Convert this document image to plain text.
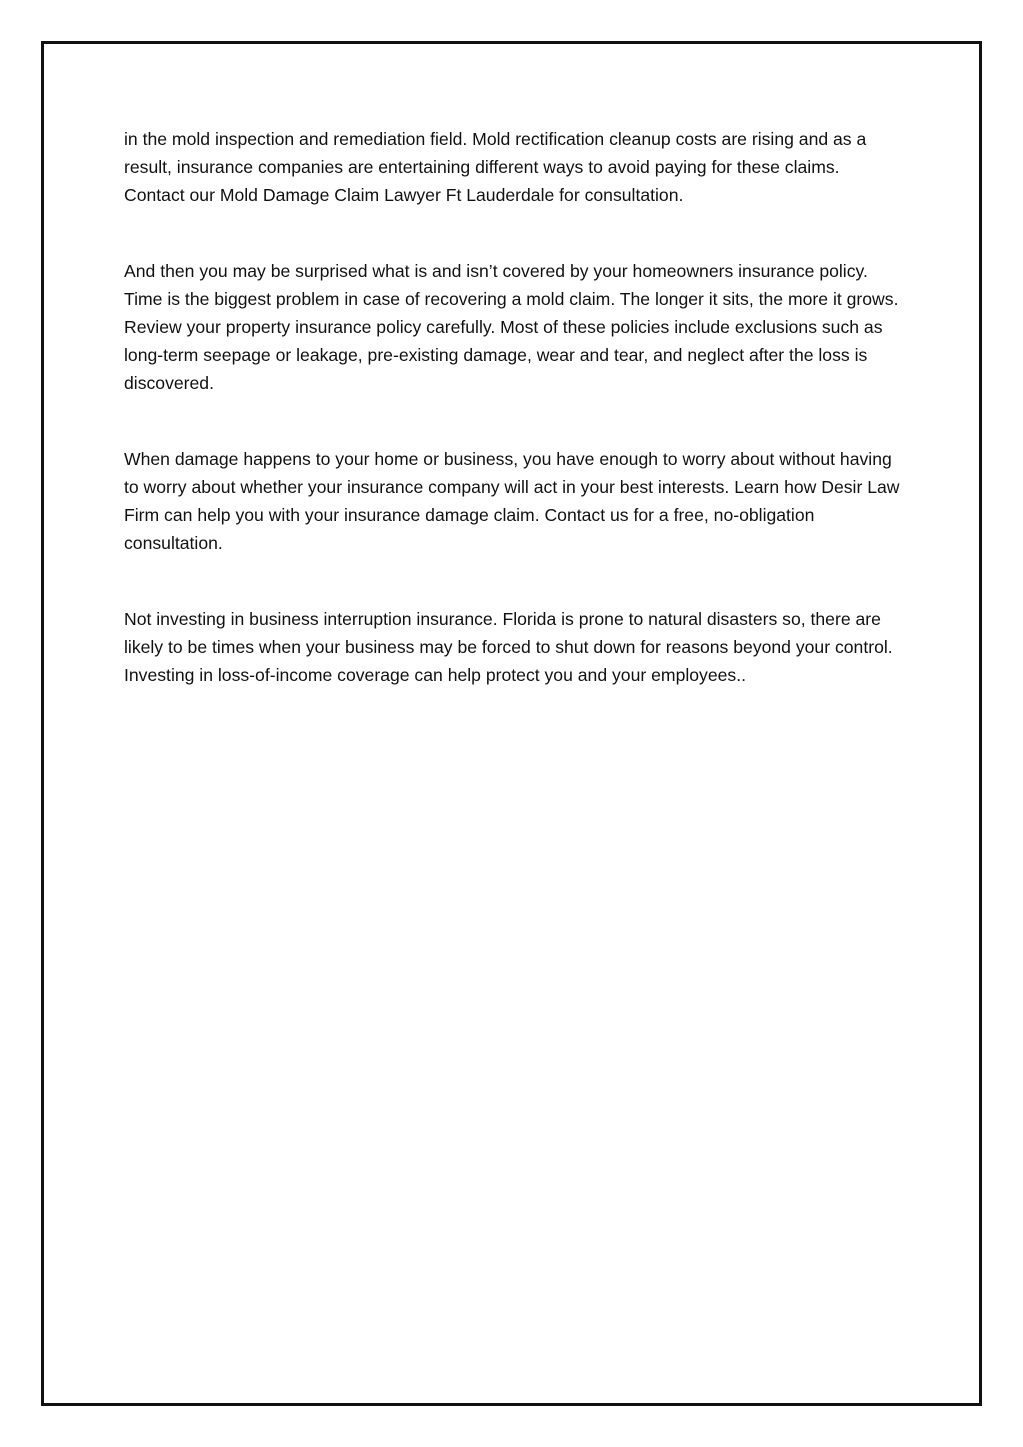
in the mold inspection and remediation field. Mold rectification cleanup costs are rising and as a result, insurance companies are entertaining different ways to avoid paying for these claims. Contact our Mold Damage Claim Lawyer Ft Lauderdale for consultation.

And then you may be surprised what is and isn’t covered by your homeowners insurance policy. Time is the biggest problem in case of recovering a mold claim. The longer it sits, the more it grows. Review your property insurance policy carefully. Most of these policies include exclusions such as long-term seepage or leakage, pre-existing damage, wear and tear, and neglect after the loss is discovered.

When damage happens to your home or business, you have enough to worry about without having to worry about whether your insurance company will act in your best interests. Learn how Desir Law Firm can help you with your insurance damage claim. Contact us for a free, no-obligation consultation.

Not investing in business interruption insurance. Florida is prone to natural disasters so, there are likely to be times when your business may be forced to shut down for reasons beyond your control. Investing in loss-of-income coverage can help protect you and your employees..
